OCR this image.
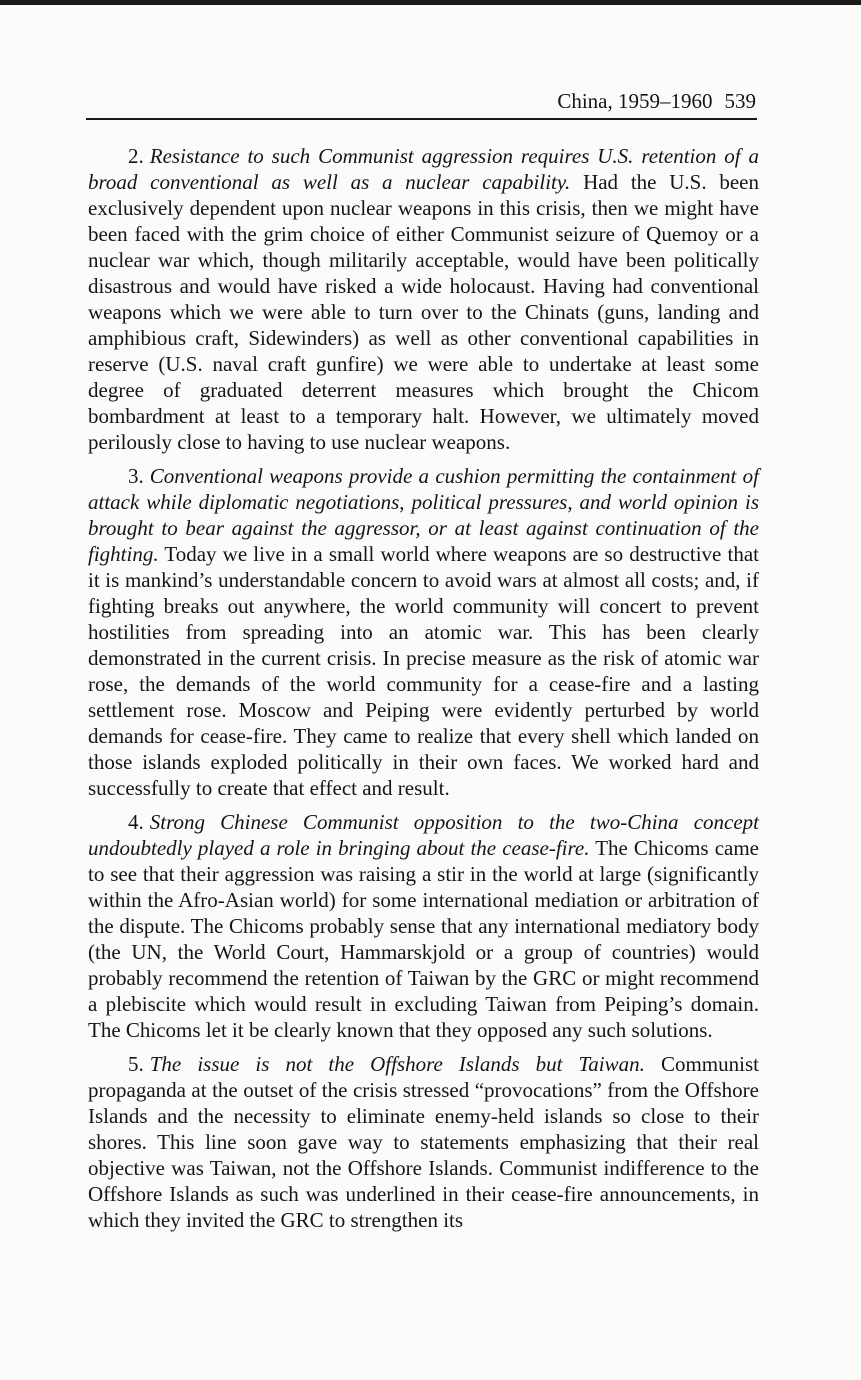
China, 1959–1960 539

2. Resistance to such Communist aggression requires U.S. retention of a broad conventional as well as a nuclear capability. Had the U.S. been exclusively dependent upon nuclear weapons in this crisis, then we might have been faced with the grim choice of either Communist seizure of Quemoy or a nuclear war which, though militarily acceptable, would have been politically disastrous and would have risked a wide holocaust. Having had conventional weapons which we were able to turn over to the Chinats (guns, landing and amphibious craft, Sidewinders) as well as other conventional capabilities in reserve (U.S. naval craft gunfire) we were able to undertake at least some degree of graduated deterrent measures which brought the Chicom bombardment at least to a temporary halt. However, we ultimately moved perilously close to having to use nuclear weapons.

3. Conventional weapons provide a cushion permitting the containment of attack while diplomatic negotiations, political pressures, and world opinion is brought to bear against the aggressor, or at least against continuation of the fighting. Today we live in a small world where weapons are so destructive that it is mankind’s understandable concern to avoid wars at almost all costs; and, if fighting breaks out anywhere, the world community will concert to prevent hostilities from spreading into an atomic war. This has been clearly demonstrated in the current crisis. In precise measure as the risk of atomic war rose, the demands of the world community for a cease-fire and a lasting settlement rose. Moscow and Peiping were evidently perturbed by world demands for cease-fire. They came to realize that every shell which landed on those islands exploded politically in their own faces. We worked hard and successfully to create that effect and result.

4. Strong Chinese Communist opposition to the two-China concept undoubtedly played a role in bringing about the cease-fire. The Chicoms came to see that their aggression was raising a stir in the world at large (significantly within the Afro-Asian world) for some international mediation or arbitration of the dispute. The Chicoms probably sense that any international mediatory body (the UN, the World Court, Hammarskjold or a group of countries) would probably recommend the retention of Taiwan by the GRC or might recommend a plebiscite which would result in excluding Taiwan from Peiping’s domain. The Chicoms let it be clearly known that they opposed any such solutions.

5. The issue is not the Offshore Islands but Taiwan. Communist propaganda at the outset of the crisis stressed “provocations” from the Offshore Islands and the necessity to eliminate enemy-held islands so close to their shores. This line soon gave way to statements emphasizing that their real objective was Taiwan, not the Offshore Islands. Communist indifference to the Offshore Islands as such was underlined in their cease-fire announcements, in which they invited the GRC to strengthen its
